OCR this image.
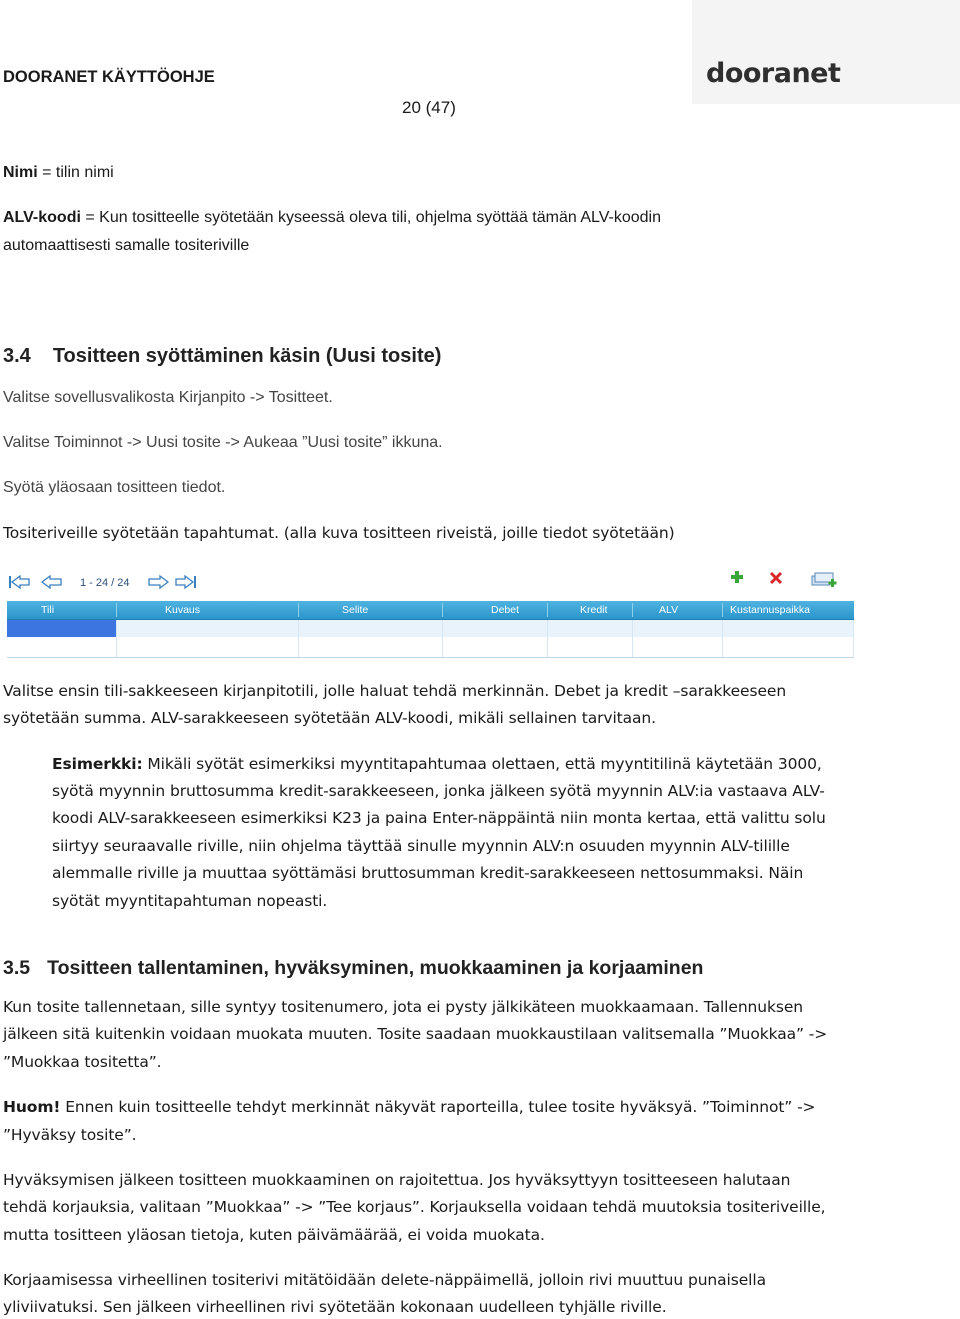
DOORANET KÄYTTÖOHJE
20 (47)
dooranet
Nimi = tilin nimi
ALV-koodi = Kun tositteelle syötetään kyseessä oleva tili, ohjelma syöttää tämän ALV-koodin
automaattisesti samalle tositeriville
3.4 Tositteen syöttäminen käsin (Uusi tosite)
Valitse sovellusvalikosta Kirjanpito -> Tositteet.
Valitse Toiminnot -> Uusi tosite -> Aukeaa ”Uusi tosite” ikkuna.
Syötä yläosaan tositteen tiedot.
Tositeriveille syötetään tapahtumat. (alla kuva tositteen riveistä, joille tiedot syötetään)
1 - 24 / 24
Tili	Kuvaus	Selite	Debet	Kredit	ALV	Kustannuspaikka
Valitse ensin tili-sakkeeseen kirjanpitotili, jolle haluat tehdä merkinnän. Debet ja kredit –sarakkeeseen
syötetään summa. ALV-sarakkeeseen syötetään ALV-koodi, mikäli sellainen tarvitaan.
Esimerkki: Mikäli syötät esimerkiksi myyntitapahtumaa olettaen, että myyntitilinä käytetään 3000,
syötä myynnin bruttosumma kredit-sarakkeeseen, jonka jälkeen syötä myynnin ALV:ia vastaava ALV-
koodi ALV-sarakkeeseen esimerkiksi K23 ja paina Enter-näppäintä niin monta kertaa, että valittu solu
siirtyy seuraavalle riville, niin ohjelma täyttää sinulle myynnin ALV:n osuuden myynnin ALV-tilille
alemmalle riville ja muuttaa syöttämäsi bruttosumman kredit-sarakkeeseen nettosummaksi. Näin
syötät myyntitapahtuman nopeasti.
3.5 Tositteen tallentaminen, hyväksyminen, muokkaaminen ja korjaaminen
Kun tosite tallennetaan, sille syntyy tositenumero, jota ei pysty jälkikäteen muokkaamaan. Tallennuksen
jälkeen sitä kuitenkin voidaan muokata muuten. Tosite saadaan muokkaustilaan valitsemalla ”Muokkaa” ->
”Muokkaa tositetta”.
Huom! Ennen kuin tositteelle tehdyt merkinnät näkyvät raporteilla, tulee tosite hyväksyä. ”Toiminnot” ->
”Hyväksy tosite”.
Hyväksymisen jälkeen tositteen muokkaaminen on rajoitettua. Jos hyväksyttyyn tositteeseen halutaan
tehdä korjauksia, valitaan ”Muokkaa” -> ”Tee korjaus”. Korjauksella voidaan tehdä muutoksia tositeriveille,
mutta tositteen yläosan tietoja, kuten päivämäärää, ei voida muokata.
Korjaamisessa virheellinen tositerivi mitätöidään delete-näppäimellä, jolloin rivi muuttuu punaisella
yliviivatuksi. Sen jälkeen virheellinen rivi syötetään kokonaan uudelleen tyhjälle riville.
